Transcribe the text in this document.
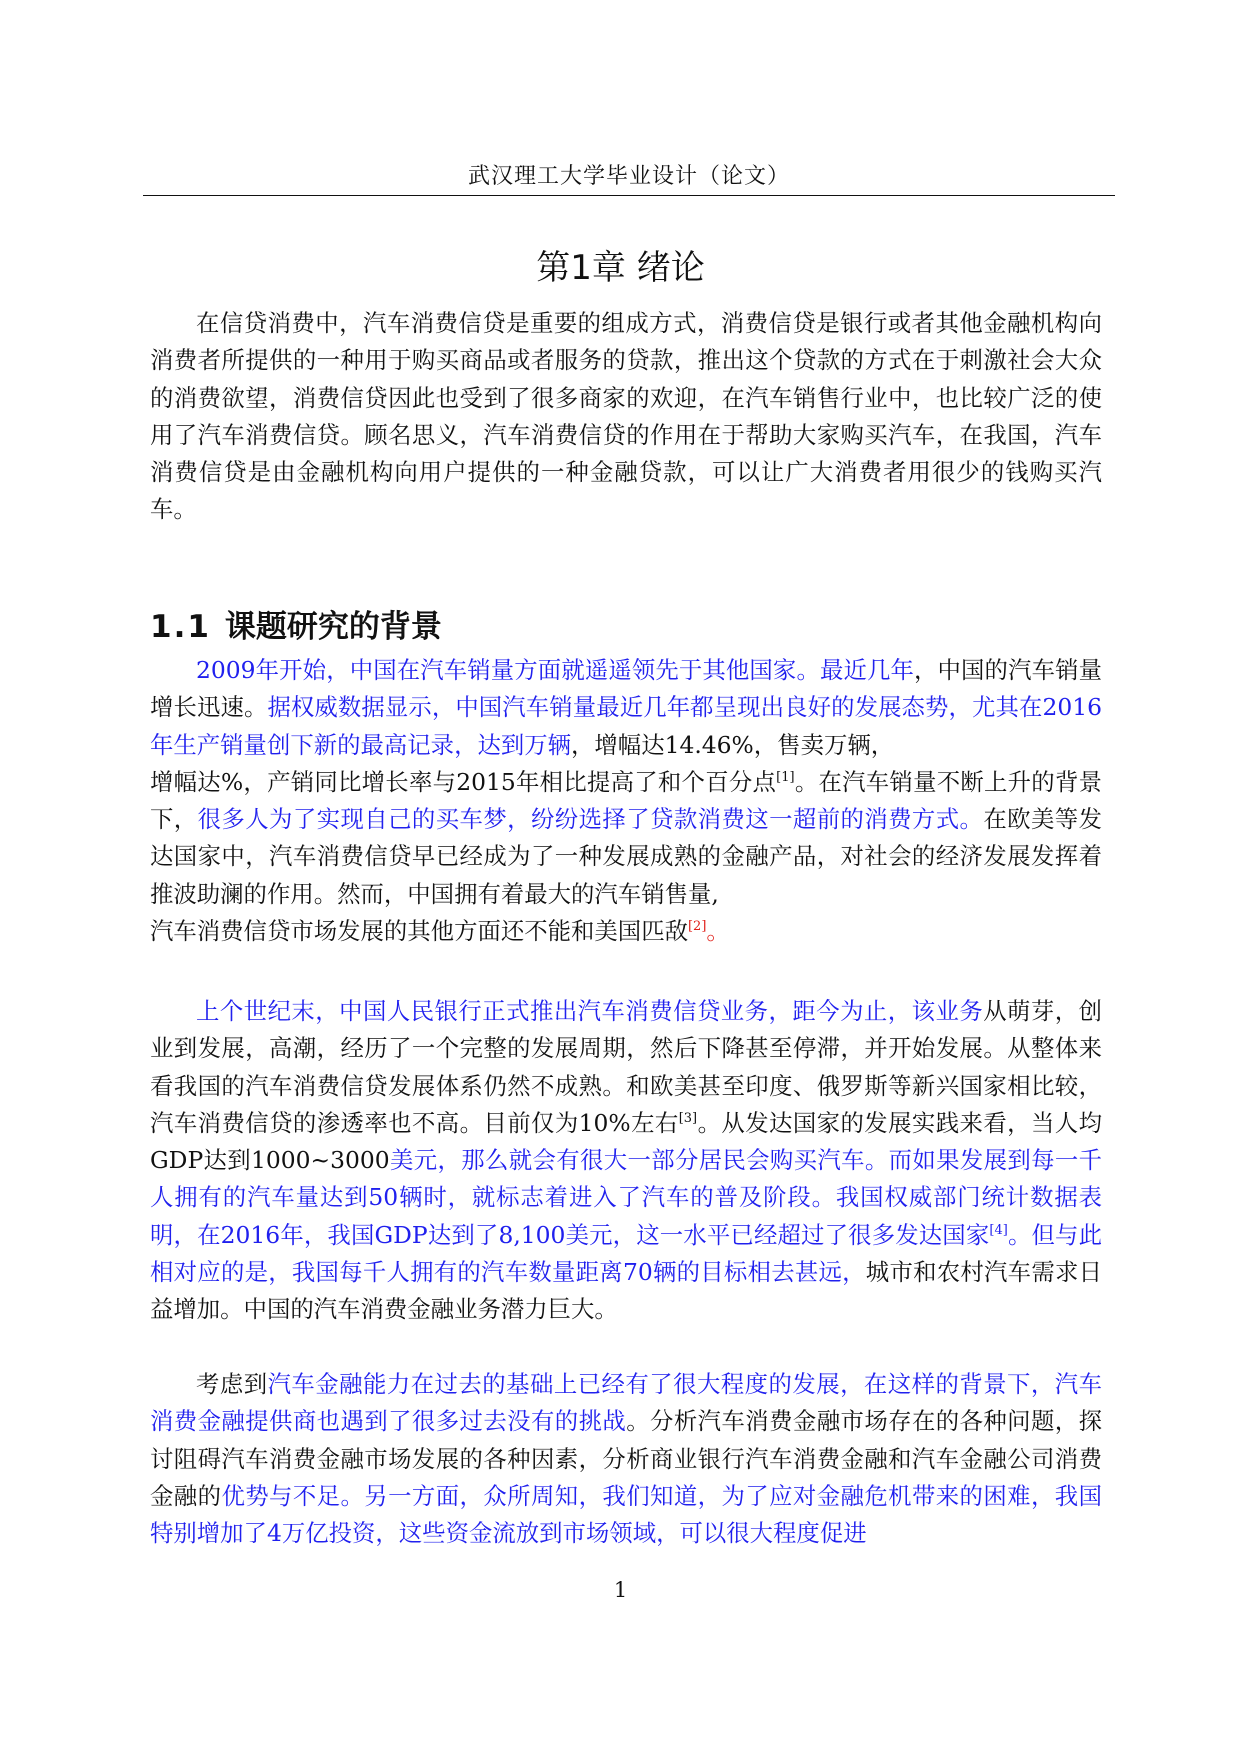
武汉理工大学毕业设计（论文）
第1章 绪论

在信贷消费中，汽车消费信贷是重要的组成方式，消费信贷是银行或者其他金融机构向消费者所提供的一种用于购买商品或者服务的贷款，推出这个贷款的方式在于刺激社会大众的消费欲望，消费信贷因此也受到了很多商家的欢迎，在汽车销售行业中，也比较广泛的使用了汽车消费信贷。顾名思义，汽车消费信贷的作用在于帮助大家购买汽车，在我国，汽车消费信贷是由金融机构向用户提供的一种金融贷款，可以让广大消费者用很少的钱购买汽车。

1.1 课题研究的背景

2009年开始，中国在汽车销量方面就遥遥领先于其他国家。最近几年，中国的汽车销量增长迅速。据权威数据显示，中国汽车销量最近几年都呈现出良好的发展态势，尤其在2016年生产销量创下新的最高记录，达到万辆，增幅达14.46%，售卖万辆，
增幅达%，产销同比增长率与2015年相比提高了和个百分点[1]。在汽车销量不断上升的背景下，很多人为了实现自己的买车梦，纷纷选择了贷款消费这一超前的消费方式。在欧美等发达国家中，汽车消费信贷早已经成为了一种发展成熟的金融产品，对社会的经济发展发挥着推波助澜的作用。然而，中国拥有着最大的汽车销售量,
汽车消费信贷市场发展的其他方面还不能和美国匹敌[2]。

上个世纪末，中国人民银行正式推出汽车消费信贷业务，距今为止，该业务从萌芽，创业到发展，高潮，经历了一个完整的发展周期，然后下降甚至停滞，并开始发展。从整体来看我国的汽车消费信贷发展体系仍然不成熟。和欧美甚至印度、俄罗斯等新兴国家相比较，汽车消费信贷的渗透率也不高。目前仅为10%左右[3]。从发达国家的发展实践来看，当人均GDP达到1000~3000美元，那么就会有很大一部分居民会购买汽车。而如果发展到每一千人拥有的汽车量达到50辆时，就标志着进入了汽车的普及阶段。我国权威部门统计数据表明，在2016年，我国GDP达到了8,100美元，这一水平已经超过了很多发达国家[4]。但与此相对应的是，我国每千人拥有的汽车数量距离70辆的目标相去甚远，城市和农村汽车需求日益增加。中国的汽车消费金融业务潜力巨大。

考虑到汽车金融能力在过去的基础上已经有了很大程度的发展，在这样的背景下，汽车消费金融提供商也遇到了很多过去没有的挑战。分析汽车消费金融市场存在的各种问题，探讨阻碍汽车消费金融市场发展的各种因素，分析商业银行汽车消费金融和汽车金融公司消费金融的优势与不足。另一方面，众所周知，我们知道，为了应对金融危机带来的困难，我国特别增加了4万亿投资，这些资金流放到市场领域，可以很大程度促进

1
